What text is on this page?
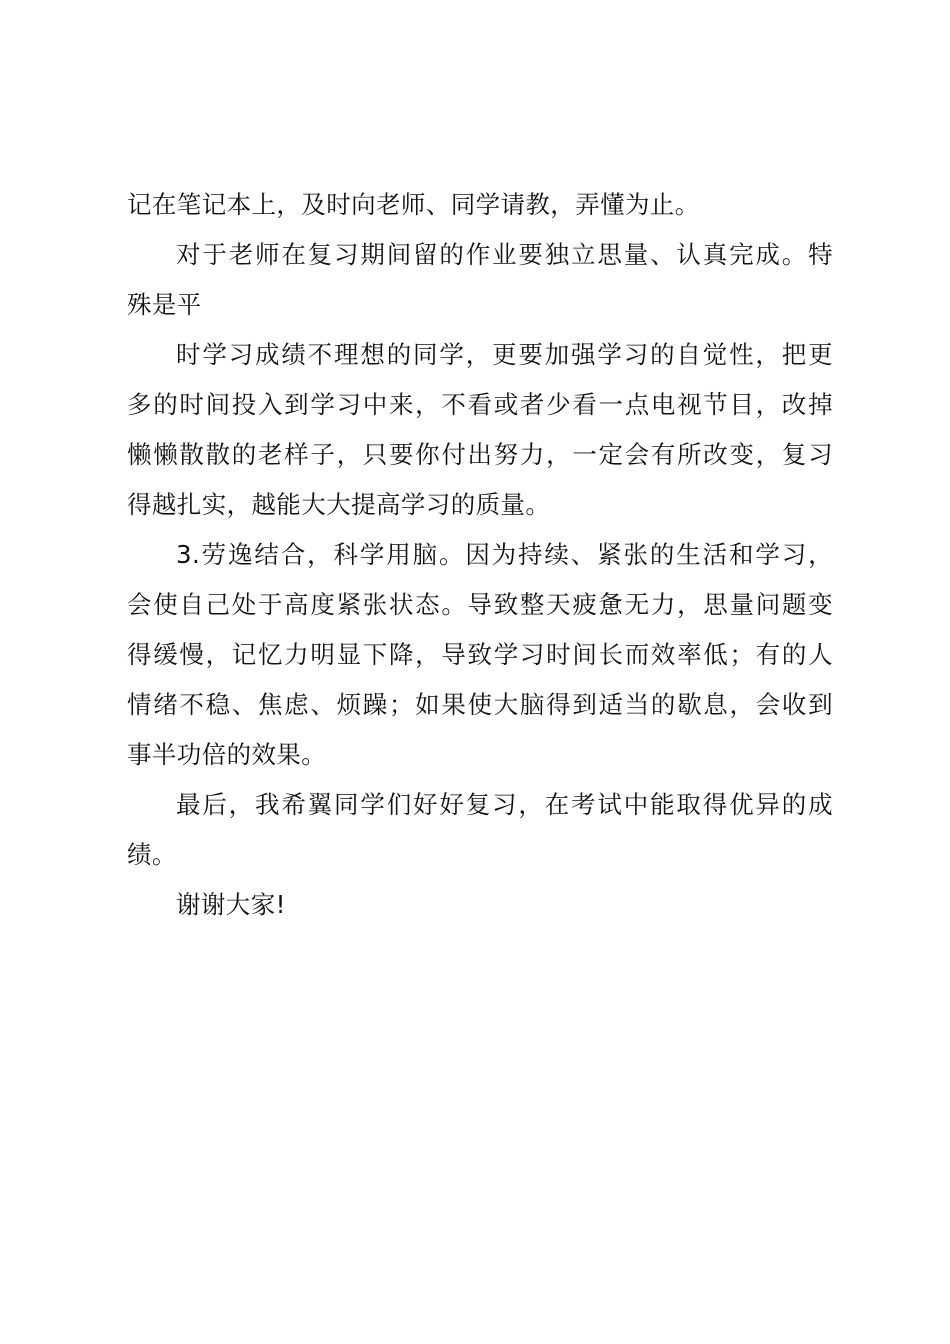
记在笔记本上，及时向老师、同学请教，弄懂为止。
对于老师在复习期间留的作业要独立思量、认真完成。特
殊是平
时学习成绩不理想的同学，更要加强学习的自觉性，把更
多的时间投入到学习中来，不看或者少看一点电视节目，改掉
懒懒散散的老样子，只要你付出努力，一定会有所改变，复习
得越扎实，越能大大提高学习的质量。
3.劳逸结合，科学用脑。因为持续、紧张的生活和学习，
会使自己处于高度紧张状态。导致整天疲惫无力，思量问题变
得缓慢，记忆力明显下降，导致学习时间长而效率低；有的人
情绪不稳、焦虑、烦躁；如果使大脑得到适当的歇息，会收到
事半功倍的效果。
最后，我希翼同学们好好复习，在考试中能取得优异的成
绩。
谢谢大家!
